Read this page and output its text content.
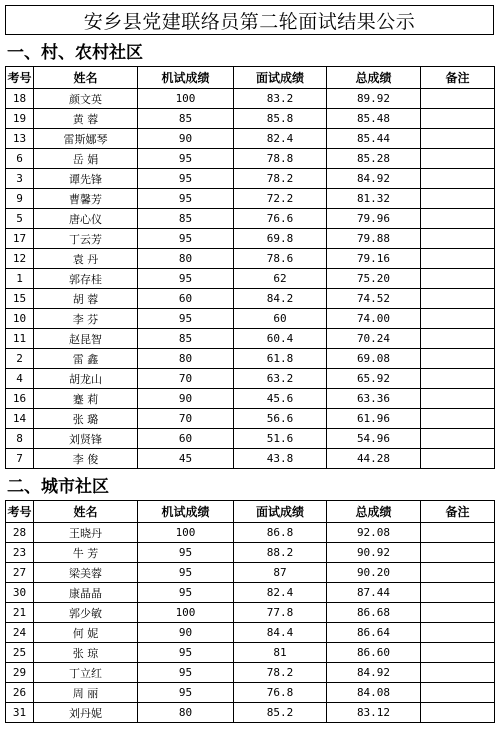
安乡县党建联络员第二轮面试结果公示
一、村、农村社区
考号	姓名	机试成绩	面试成绩	总成绩	备注
18	颜文英	100	83.2	89.92	
19	黄 蓉	85	85.8	85.48	
13	雷斯娜琴	90	82.4	85.44	
6	岳 娟	95	78.8	85.28	
3	谭先锋	95	78.2	84.92	
9	曹馨芳	95	72.2	81.32	
5	唐心仪	85	76.6	79.96	
17	丁云芳	95	69.8	79.88	
12	袁 丹	80	78.6	79.16	
1	郭存桂	95	62	75.20	
15	胡 蓉	60	84.2	74.52	
10	李 芬	95	60	74.00	
11	赵昆智	85	60.4	70.24	
2	雷 鑫	80	61.8	69.08	
4	胡龙山	70	63.2	65.92	
16	蹇 莉	90	45.6	63.36	
14	张 璐	70	56.6	61.96	
8	刘贤锋	60	51.6	54.96	
7	李 俊	45	43.8	44.28	
二、城市社区
考号	姓名	机试成绩	面试成绩	总成绩	备注
28	王晓丹	100	86.8	92.08	
23	牛 芳	95	88.2	90.92	
27	梁美蓉	95	87	90.20	
30	康晶晶	95	82.4	87.44	
21	郭少敏	100	77.8	86.68	
24	何 妮	90	84.4	86.64	
25	张 琼	95	81	86.60	
29	丁立红	95	78.2	84.92	
26	周 丽	95	76.8	84.08	
31	刘丹妮	80	85.2	83.12	
